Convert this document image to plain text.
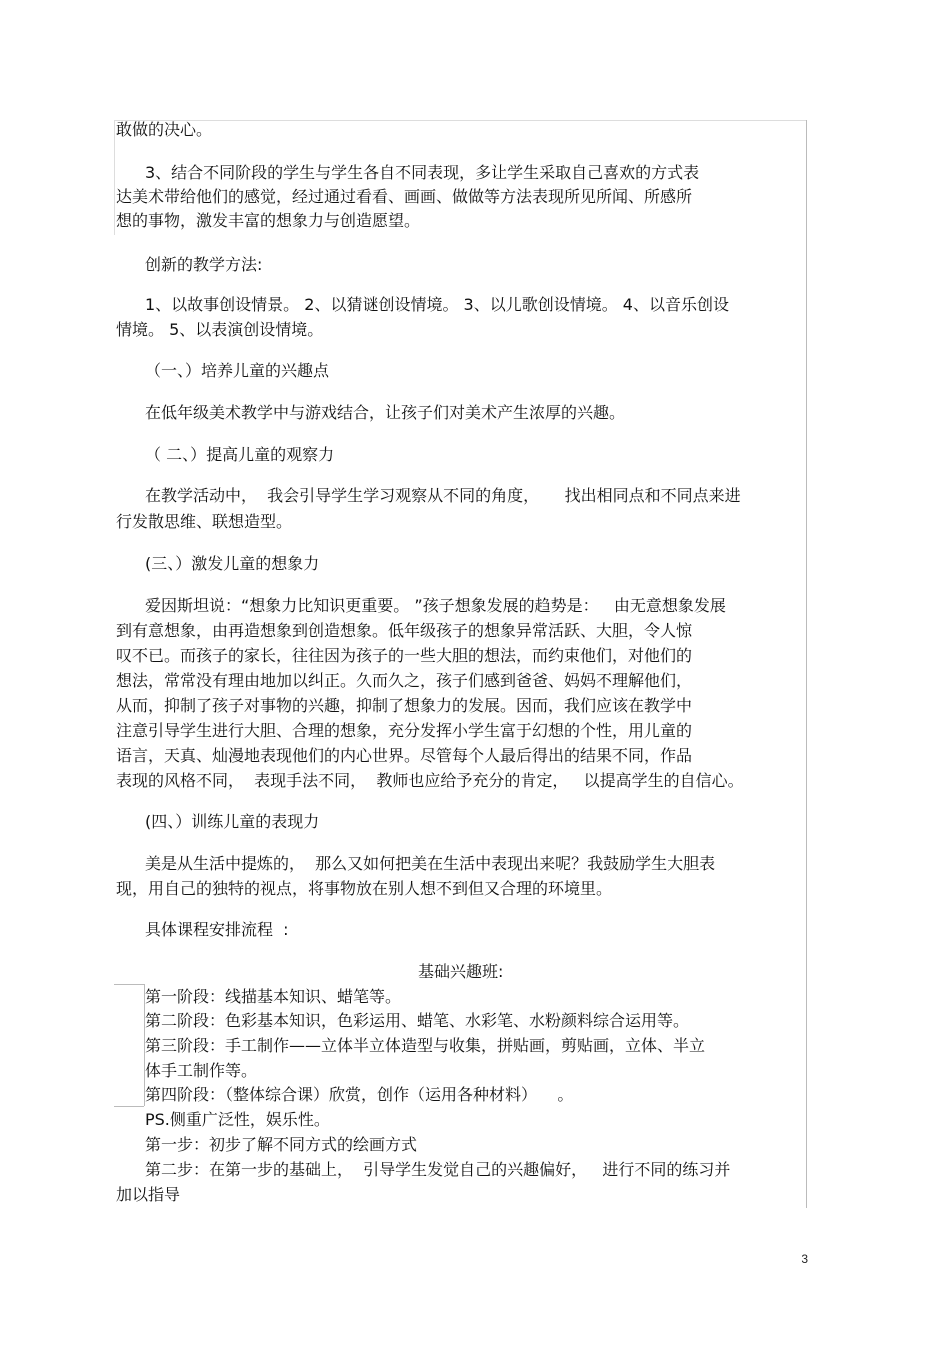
敢做的决心。
3、结合不同阶段的学生与学生各自不同表现，多让学生采取自己喜欢的方式表
达美术带给他们的感觉，经过通过看看、画画、做做等方法表现所见所闻、所感所
想的事物，激发丰富的想象力与创造愿望。
创新的教学方法:
1、以故事创设情景。 2、以猜谜创设情境。 3、以儿歌创设情境。 4、以音乐创设
情境。 5、以表演创设情境。
（一、）培养儿童的兴趣点
在低年级美术教学中与游戏结合，让孩子们对美术产生浓厚的兴趣。
（ 二、）提高儿童的观察力
在教学活动中，  我会引导学生学习观察从不同的角度，     找出相同点和不同点来进
行发散思维、联想造型。
(三、）激发儿童的想象力
爱因斯坦说：“想象力比知识更重要。 ”孩子想象发展的趋势是：   由无意想象发展
到有意想象，由再造想象到创造想象。低年级孩子的想象异常活跃、大胆，令人惊
叹不已。而孩子的家长，往往因为孩子的一些大胆的想法，而约束他们，对他们的
想法，常常没有理由地加以纠正。久而久之，孩子们感到爸爸、妈妈不理解他们，
从而，抑制了孩子对事物的兴趣，抑制了想象力的发展。因而，我们应该在教学中
注意引导学生进行大胆、合理的想象，充分发挥小学生富于幻想的个性，用儿童的
语言，天真、灿漫地表现他们的内心世界。尽管每个人最后得出的结果不同，作品
表现的风格不同，  表现手法不同，  教师也应给予充分的肯定，   以提高学生的自信心。
(四、）训练儿童的表现力
美是从生活中提炼的，  那么又如何把美在生活中表现出来呢？我鼓励学生大胆表
现，用自己的独特的视点，将事物放在别人想不到但又合理的环境里。
具体课程安排流程  :
基础兴趣班:
第一阶段：线描基本知识、蜡笔等。
第二阶段：色彩基本知识，色彩运用、蜡笔、水彩笔、水粉颜料综合运用等。
第三阶段：手工制作——立体半立体造型与收集，拼贴画，剪贴画，立体、半立
体手工制作等。
第四阶段：（整体综合课）欣赏，创作（运用各种材料）    。
PS.侧重广泛性，娱乐性。
第一步：初步了解不同方式的绘画方式
第二步：在第一步的基础上，  引导学生发觉自己的兴趣偏好，   进行不同的练习并
加以指导
3
